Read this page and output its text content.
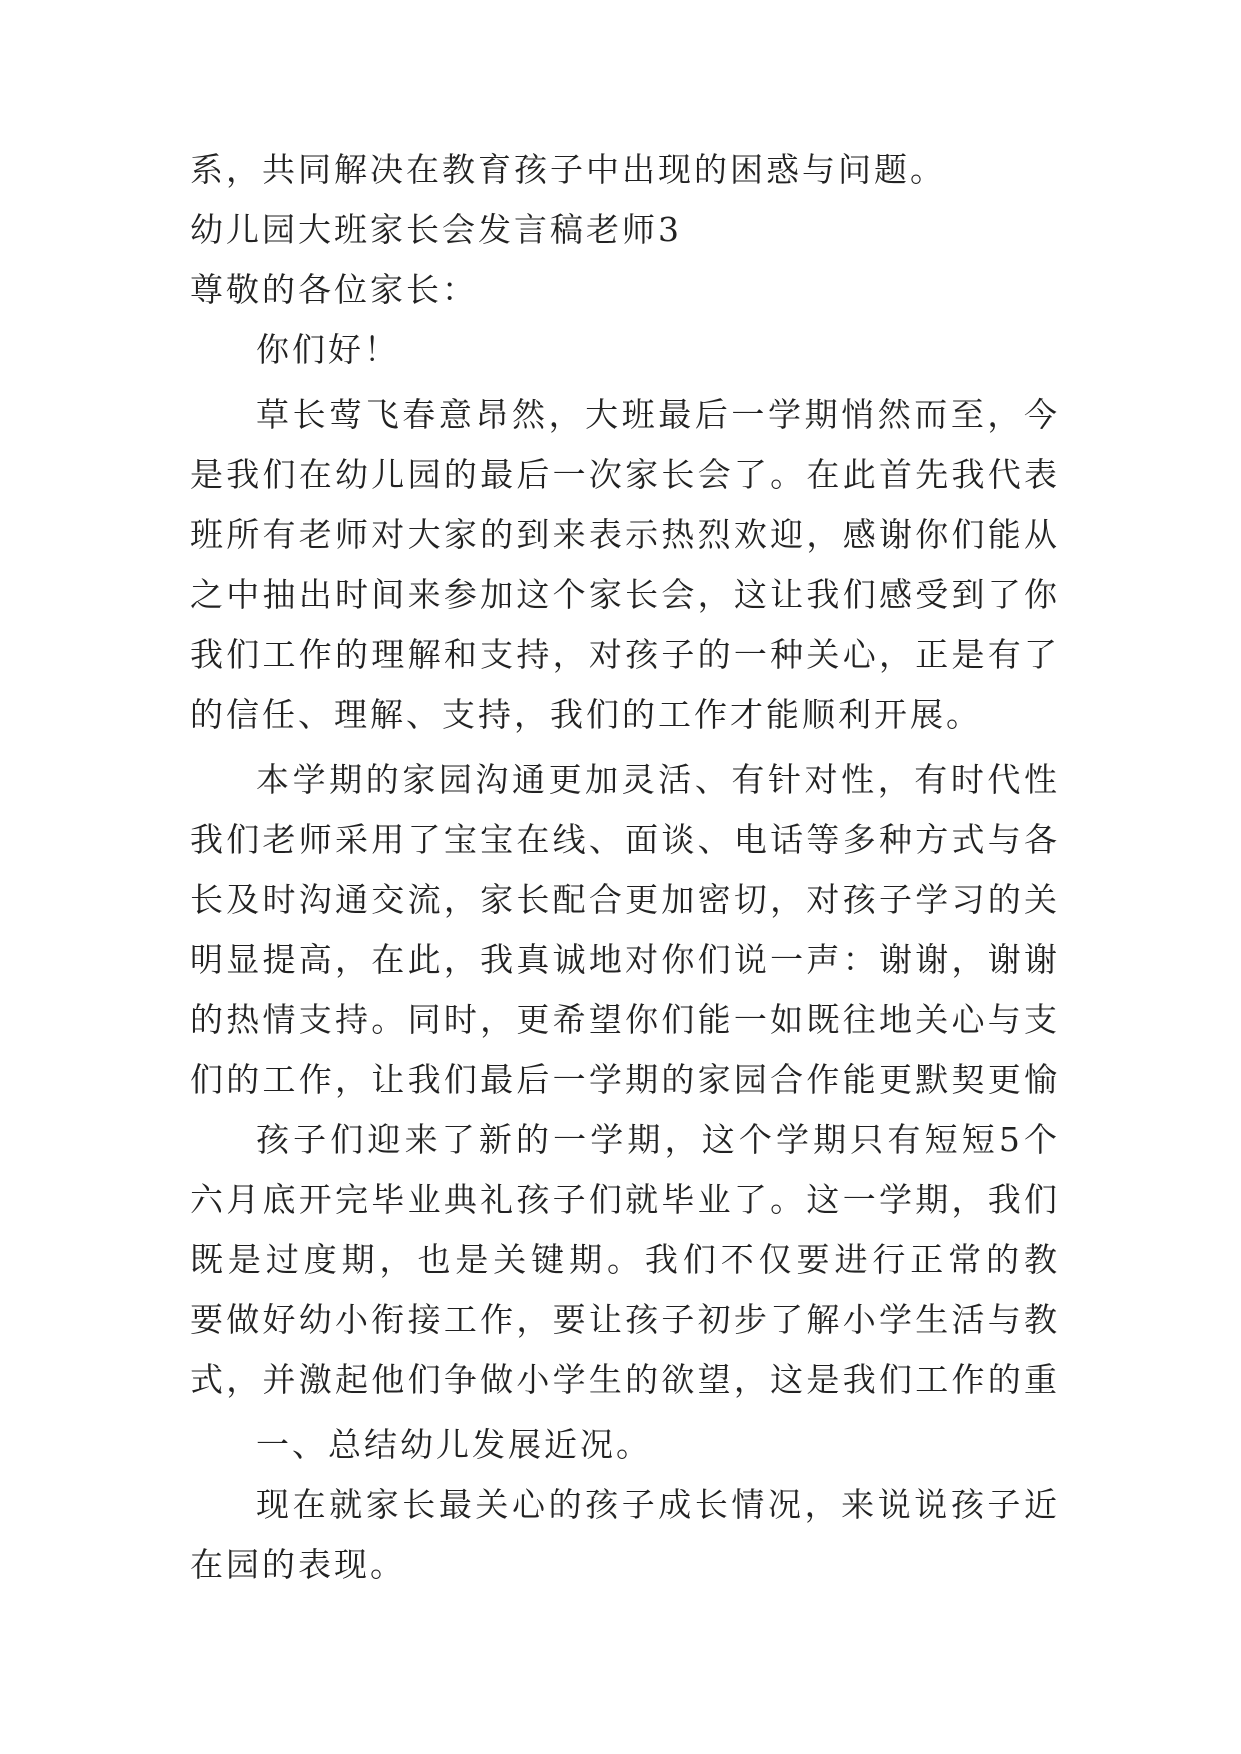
系，共同解决在教育孩子中出现的困惑与问题。
幼儿园大班家长会发言稿老师3
尊敬的各位家长：
你们好！
草长莺飞春意昂然，大班最后一学期悄然而至，今
是我们在幼儿园的最后一次家长会了。在此首先我代表
班所有老师对大家的到来表示热烈欢迎，感谢你们能从
之中抽出时间来参加这个家长会，这让我们感受到了你
我们工作的理解和支持，对孩子的一种关心，正是有了
的信任、理解、支持，我们的工作才能顺利开展。
本学期的家园沟通更加灵活、有针对性，有时代性
我们老师采用了宝宝在线、面谈、电话等多种方式与各
长及时沟通交流，家长配合更加密切，对孩子学习的关
明显提高，在此，我真诚地对你们说一声：谢谢，谢谢
的热情支持。同时，更希望你们能一如既往地关心与支
们的工作，让我们最后一学期的家园合作能更默契更愉
孩子们迎来了新的一学期，这个学期只有短短5个
六月底开完毕业典礼孩子们就毕业了。这一学期，我们
既是过度期，也是关键期。我们不仅要进行正常的教
要做好幼小衔接工作，要让孩子初步了解小学生活与教
式，并激起他们争做小学生的欲望，这是我们工作的重
一、总结幼儿发展近况。
现在就家长最关心的孩子成长情况，来说说孩子近
在园的表现。
